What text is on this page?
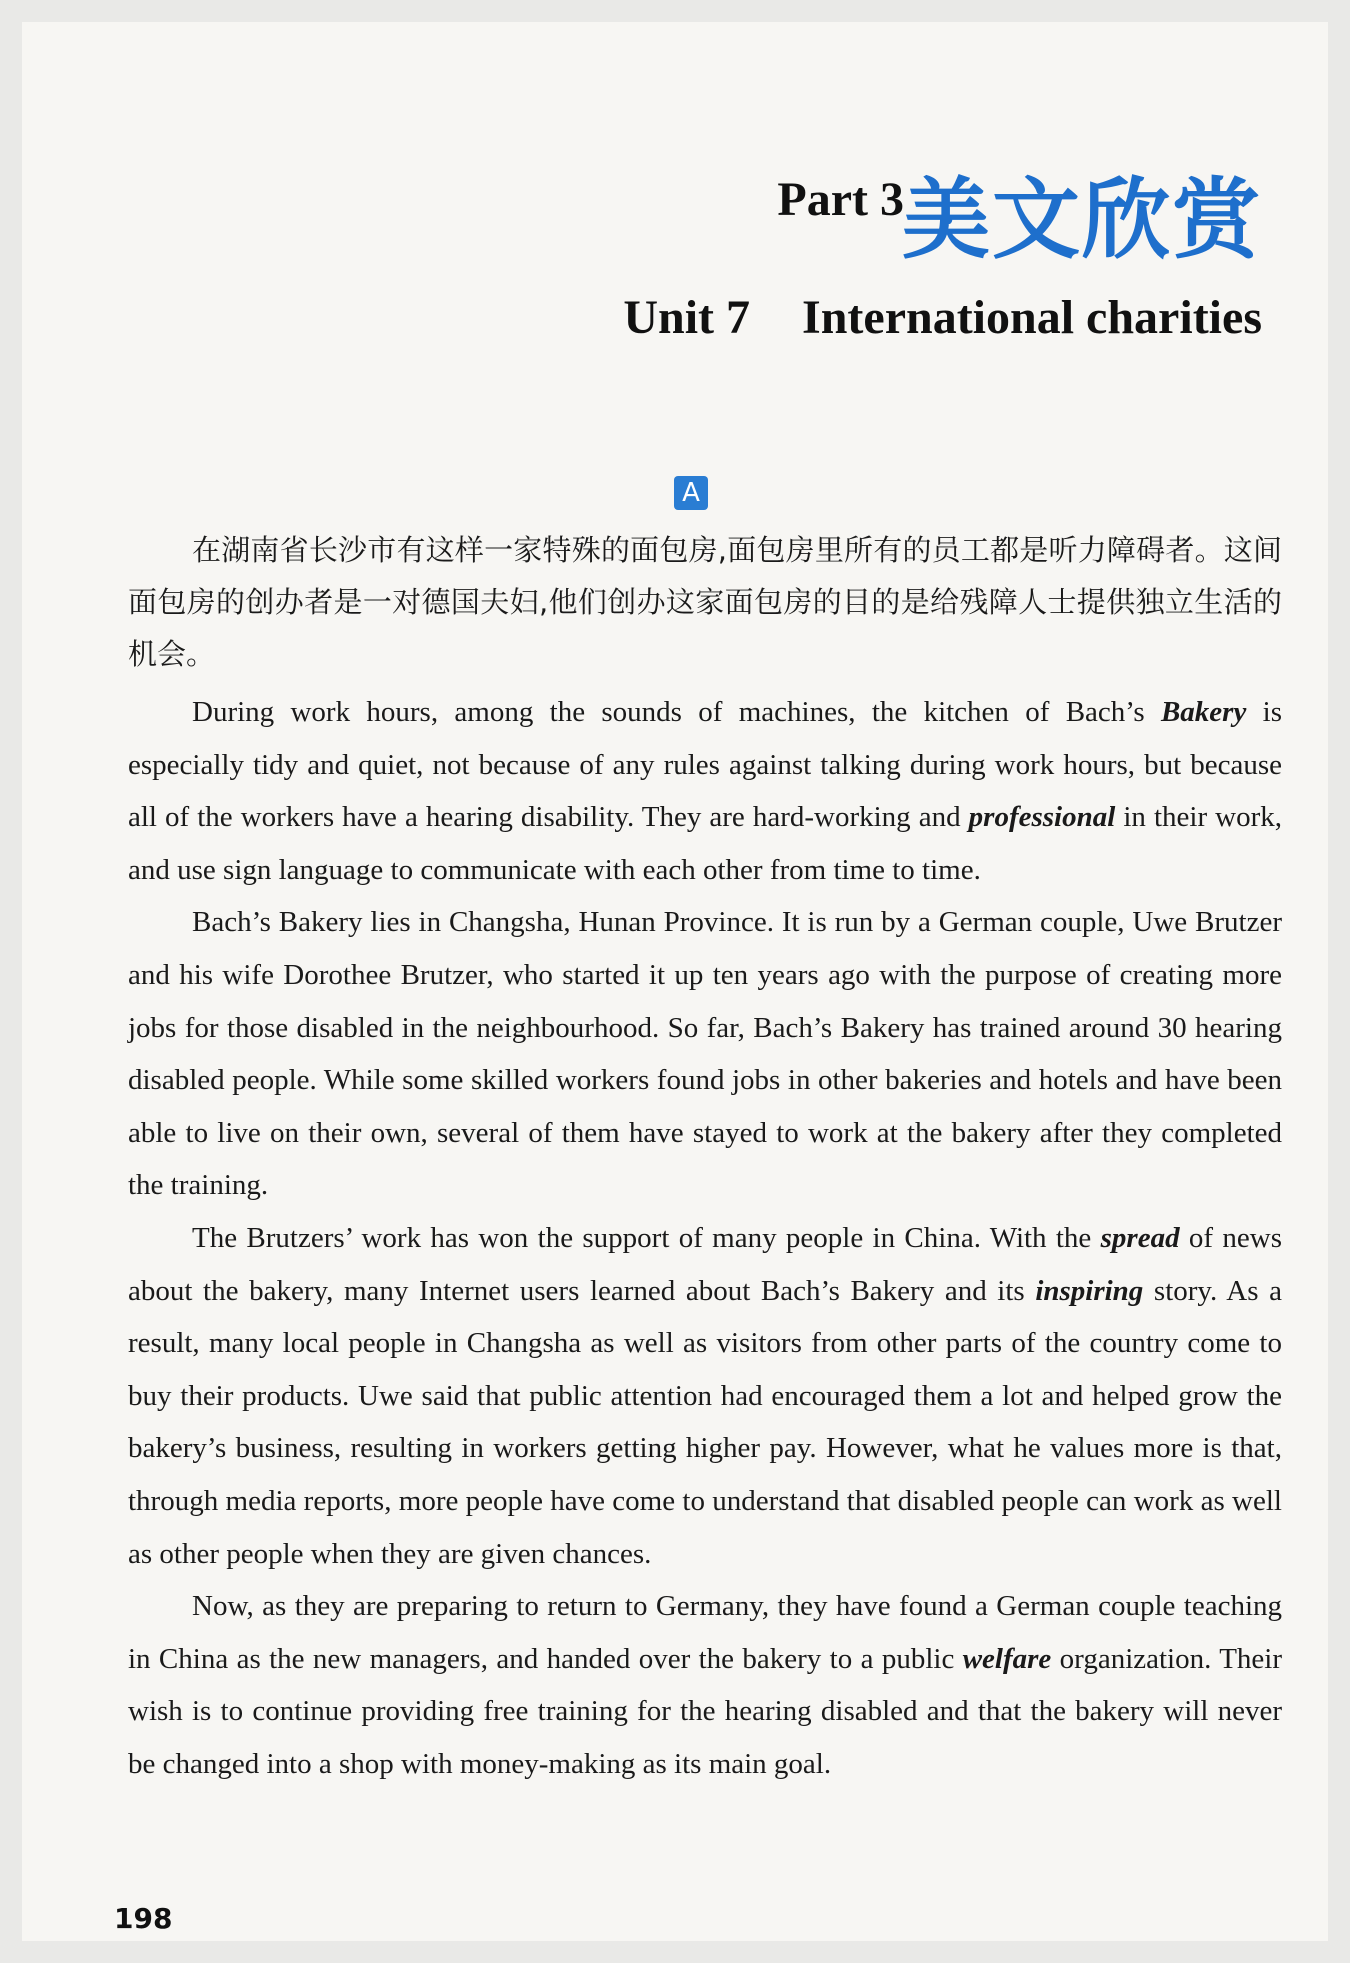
Part 3
美文欣赏
Unit 7 International charities
A

在湖南省长沙市有这样一家特殊的面包房,面包房里所有的员工都是听力障碍者。这间面包房的创办者是一对德国夫妇,他们创办这家面包房的目的是给残障人士提供独立生活的机会。

During work hours, among the sounds of machines, the kitchen of Bach’s Bakery is especially tidy and quiet, not because of any rules against talking during work hours, but because all of the workers have a hearing disability. They are hard-working and professional in their work, and use sign language to communicate with each other from time to time.

Bach’s Bakery lies in Changsha, Hunan Province. It is run by a German couple, Uwe Brutzer and his wife Dorothee Brutzer, who started it up ten years ago with the purpose of creating more jobs for those disabled in the neighbourhood. So far, Bach’s Bakery has trained around 30 hearing disabled people. While some skilled workers found jobs in other bakeries and hotels and have been able to live on their own, several of them have stayed to work at the bakery after they completed the training.

The Brutzers’ work has won the support of many people in China. With the spread of news about the bakery, many Internet users learned about Bach’s Bakery and its inspiring story. As a result, many local people in Changsha as well as visitors from other parts of the country come to buy their products. Uwe said that public attention had encouraged them a lot and helped grow the bakery’s business, resulting in workers getting higher pay. However, what he values more is that, through media reports, more people have come to understand that disabled people can work as well as other people when they are given chances.

Now, as they are preparing to return to Germany, they have found a German couple teaching in China as the new managers, and handed over the bakery to a public welfare organization. Their wish is to continue providing free training for the hearing disabled and that the bakery will never be changed into a shop with money-making as its main goal.

198
